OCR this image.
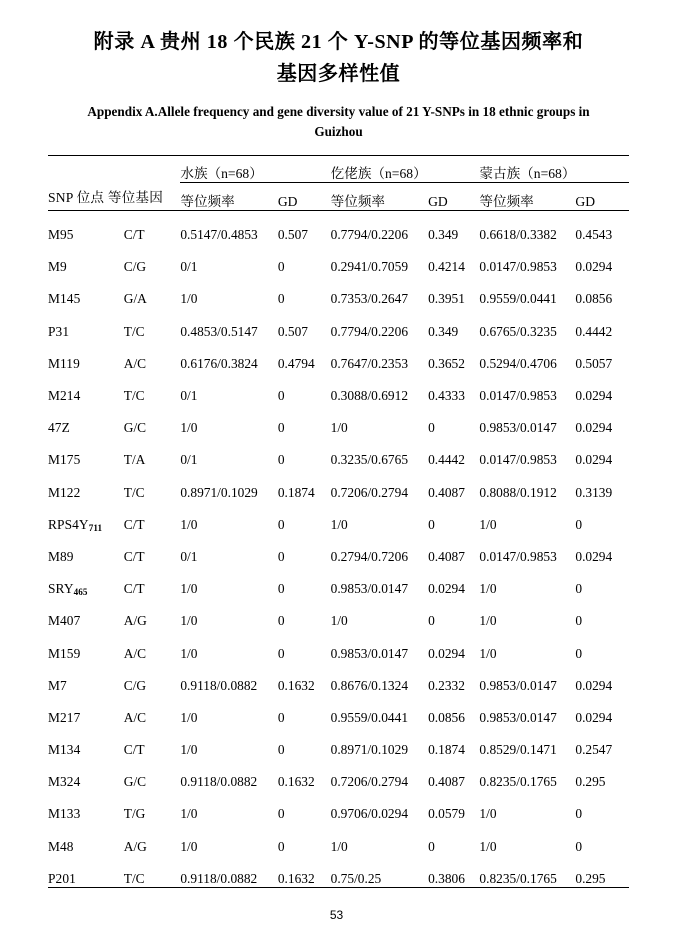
附录 A 贵州 18 个民族 21 个 Y-SNP 的等位基因频率和
基因多样性值
Appendix A.Allele frequency and gene diversity value of 21 Y-SNPs in 18 ethnic groups in Guizhou

SNP 位点 等位基因		水族（n=68）		仡佬族（n=68）		蒙古族（n=68）	
		等位频率	GD	等位频率	GD	等位频率	GD

M95	C/T	0.5147/0.4853	0.507	0.7794/0.2206	0.349	0.6618/0.3382	0.4543
M9	C/G	0/1	0	0.2941/0.7059	0.4214	0.0147/0.9853	0.0294
M145	G/A	1/0	0	0.7353/0.2647	0.3951	0.9559/0.0441	0.0856
P31	T/C	0.4853/0.5147	0.507	0.7794/0.2206	0.349	0.6765/0.3235	0.4442
M119	A/C	0.6176/0.3824	0.4794	0.7647/0.2353	0.3652	0.5294/0.4706	0.5057
M214	T/C	0/1	0	0.3088/0.6912	0.4333	0.0147/0.9853	0.0294
47Z	G/C	1/0	0	1/0	0	0.9853/0.0147	0.0294
M175	T/A	0/1	0	0.3235/0.6765	0.4442	0.0147/0.9853	0.0294
M122	T/C	0.8971/0.1029	0.1874	0.7206/0.2794	0.4087	0.8088/0.1912	0.3139
$RPS4Y_{711}$	C/T	1/0	0	1/0	0	1/0	0
M89	C/T	0/1	0	0.2794/0.7206	0.4087	0.0147/0.9853	0.0294
$SRY_{465}$	C/T	1/0	0	0.9853/0.0147	0.0294	1/0	0
M407	A/G	1/0	0	1/0	0	1/0	0
M159	A/C	1/0	0	0.9853/0.0147	0.0294	1/0	0
M7	C/G	0.9118/0.0882	0.1632	0.8676/0.1324	0.2332	0.9853/0.0147	0.0294
M217	A/C	1/0	0	0.9559/0.0441	0.0856	0.9853/0.0147	0.0294
M134	C/T	1/0	0	0.8971/0.1029	0.1874	0.8529/0.1471	0.2547
M324	G/C	0.9118/0.0882	0.1632	0.7206/0.2794	0.4087	0.8235/0.1765	0.295
M133	T/G	1/0	0	0.9706/0.0294	0.0579	1/0	0
M48	A/G	1/0	0	1/0	0	1/0	0
P201	T/C	0.9118/0.0882	0.1632	0.75/0.25	0.3806	0.8235/0.1765	0.295

53
